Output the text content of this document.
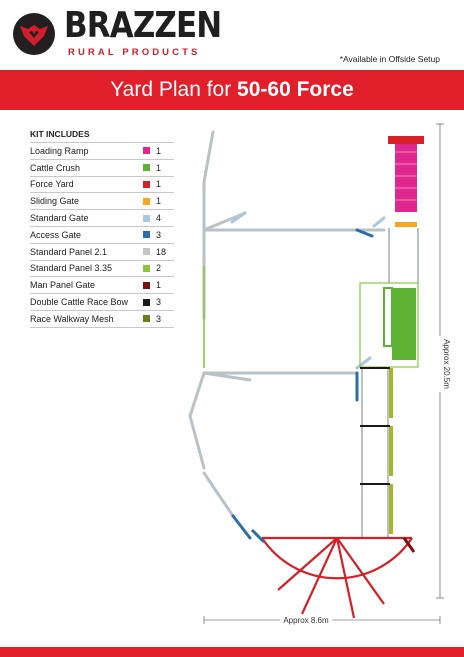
BRAZZEN
RURAL PRODUCTS
*Available in Offside Setup
Yard Plan for 50-60 Force
KIT INCLUDES
Loading Ramp	1
Cattle Crush	1
Force Yard	1
Sliding Gate	1
Standard Gate	4
Access Gate	3
Standard Panel 2.1	18
Standard Panel 3.35	2
Man Panel Gate	1
Double Cattle Race Bow	3
Race Walkway Mesh	3
Approx 20.5m
Approx 8.6m
